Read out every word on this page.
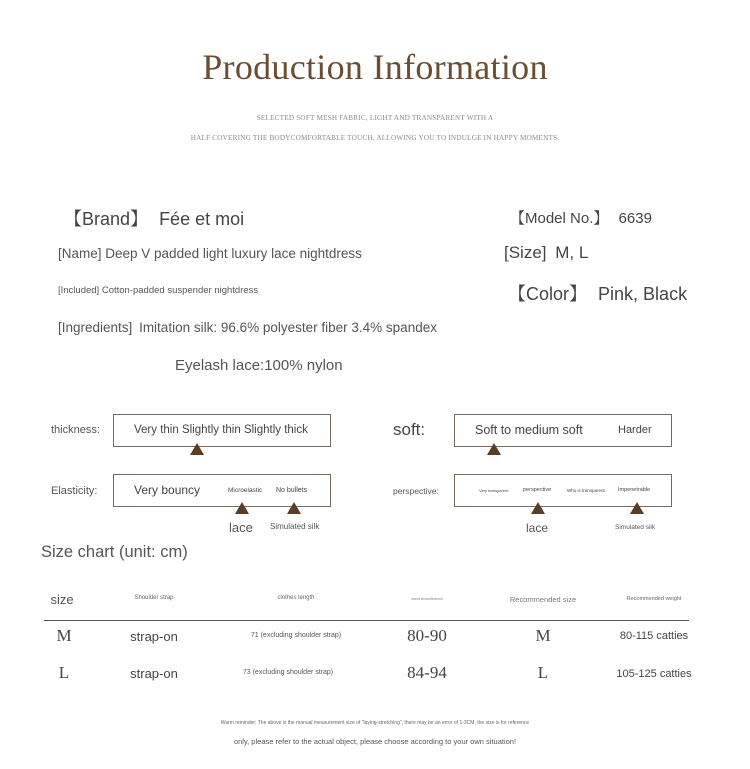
Production Information
SELECTED SOFT MESH FABRIC, LIGHT AND TRANSPARENT WITH A
HALF COVERING THE BODYCOMFORTABLE TOUCH, ALLOWING YOU TO INDULGE IN HAPPY MOMENTS.
【Brand】 Fée et moi	【Model No.】 6639
[Name] Deep V padded light luxury lace nightdress	[Size] M, L
[Included] Cotton-padded suspender nightdress	【Color】 Pink, Black
[Ingredients] Imitation silk: 96.6% polyester fiber 3.4% spandex
Eyelash lace:100% nylon
thickness:	Very thin Slightly thin Slightly thick	soft:	Soft to medium soft	Harder
Elasticity:	Very bouncy	Microelastic No bullets
lace Simulated silk
perspective:	Very transparent	perspective	Who is transparent Impenetrable
lace	Simulated silk
Size chart (unit: cm)
size	Shoulder strap	clothes length	chest circumference	Recommended size	Recommended weight
M	strap-on	71 (excluding shoulder strap)	80-90	M	80-115 catties
L	strap-on	73 (excluding shoulder strap)	84-94	L	105-125 catties
Warm reminder: The above is the manual measurement size of "laying-stretching", there may be an error of 1-3CM, the size is for reference
only, please refer to the actual object, please choose according to your own situation!
